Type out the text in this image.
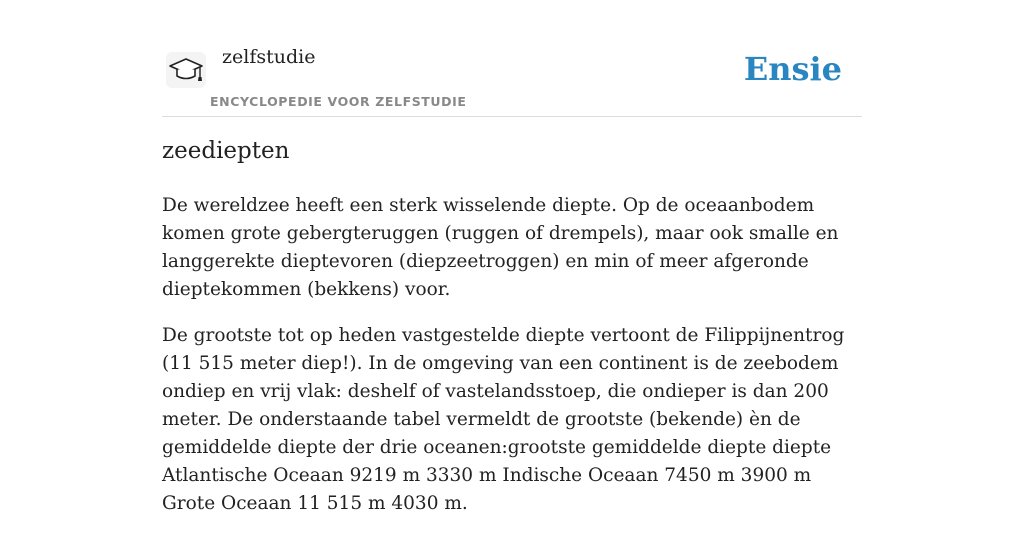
zelfstudie
ENCYCLOPEDIE VOOR ZELFSTUDIE
Ensie
zeediepten

De wereldzee heeft een sterk wisselende diepte. Op de oceaanbodem komen grote gebergteruggen (ruggen of drempels), maar ook smalle en langgerekte dieptevoren (diepzeetroggen) en min of meer afgeronde dieptekommen (bekkens) voor.

De grootste tot op heden vastgestelde diepte vertoont de Filippijnentrog (11 515 meter diep!). In de omgeving van een continent is de zeebodem ondiep en vrij vlak: deshelf of vastelandsstoep, die ondieper is dan 200 meter. De onderstaande tabel vermeldt de grootste (bekende) èn de gemiddelde diepte der drie oceanen:grootste gemiddelde diepte diepte Atlantische Oceaan 9219 m 3330 m Indische Oceaan 7450 m 3900 m Grote Oceaan 11 515 m 4030 m.
